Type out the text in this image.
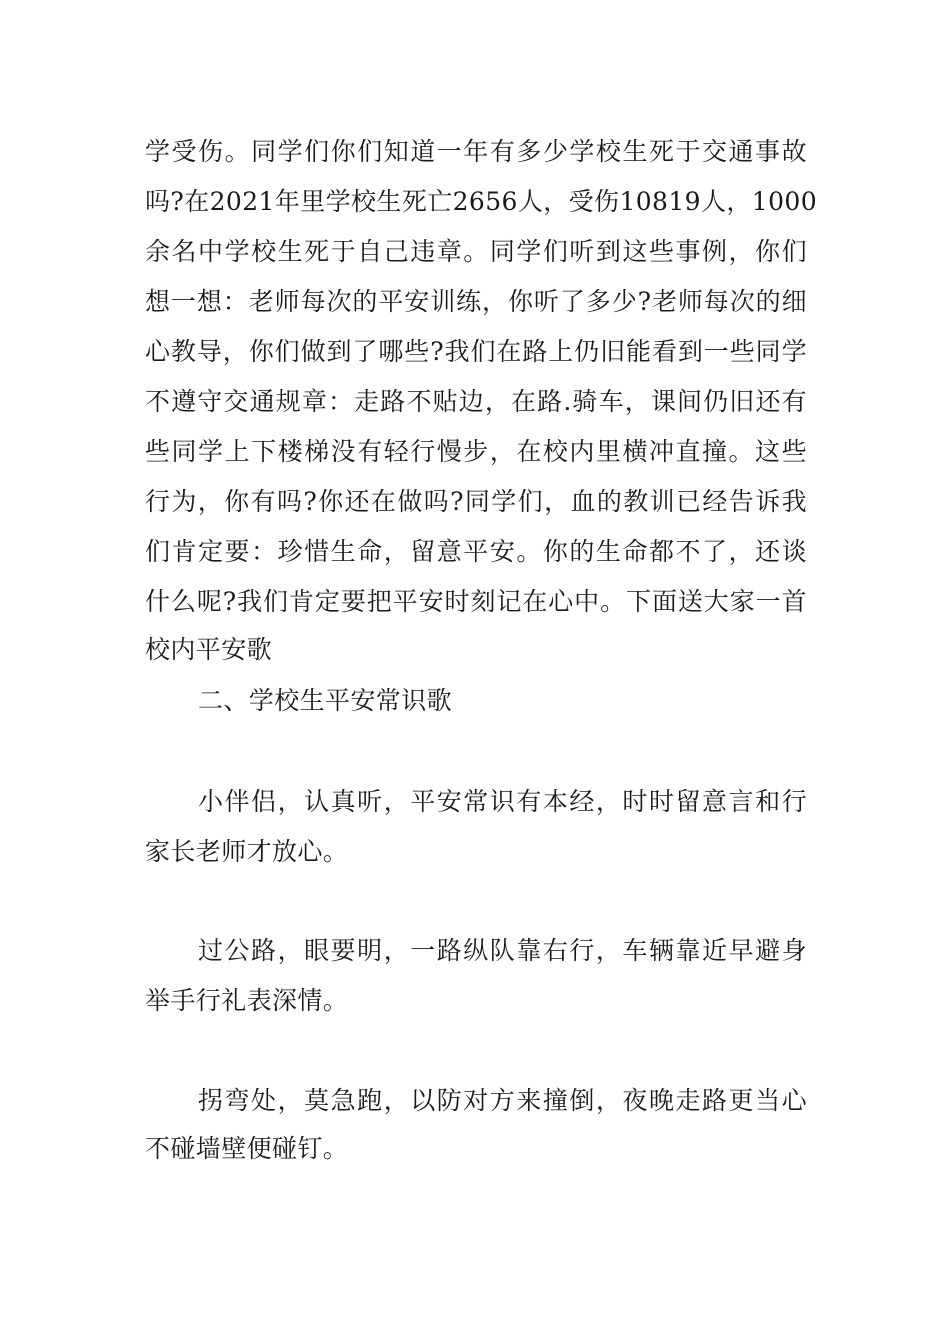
学受伤。同学们你们知道一年有多少学校生死于交通事故
吗?在2021年里学校生死亡2656人，受伤10819人，1000
余名中学校生死于自己违章。同学们听到这些事例，你们
想一想：老师每次的平安训练，你听了多少?老师每次的细
心教导，你们做到了哪些?我们在路上仍旧能看到一些同学
不遵守交通规章：走路不贴边，在路.骑车，课间仍旧还有
些同学上下楼梯没有轻行慢步，在校内里横冲直撞。这些
行为，你有吗?你还在做吗?同学们，血的教训已经告诉我
们肯定要：珍惜生命，留意平安。你的生命都不了，还谈
什么呢?我们肯定要把平安时刻记在心中。下面送大家一首
校内平安歌
二、学校生平安常识歌
小伴侣，认真听，平安常识有本经，时时留意言和行
家长老师才放心。
过公路，眼要明，一路纵队靠右行，车辆靠近早避身
举手行礼表深情。
拐弯处，莫急跑，以防对方来撞倒，夜晚走路更当心
不碰墙壁便碰钉。
